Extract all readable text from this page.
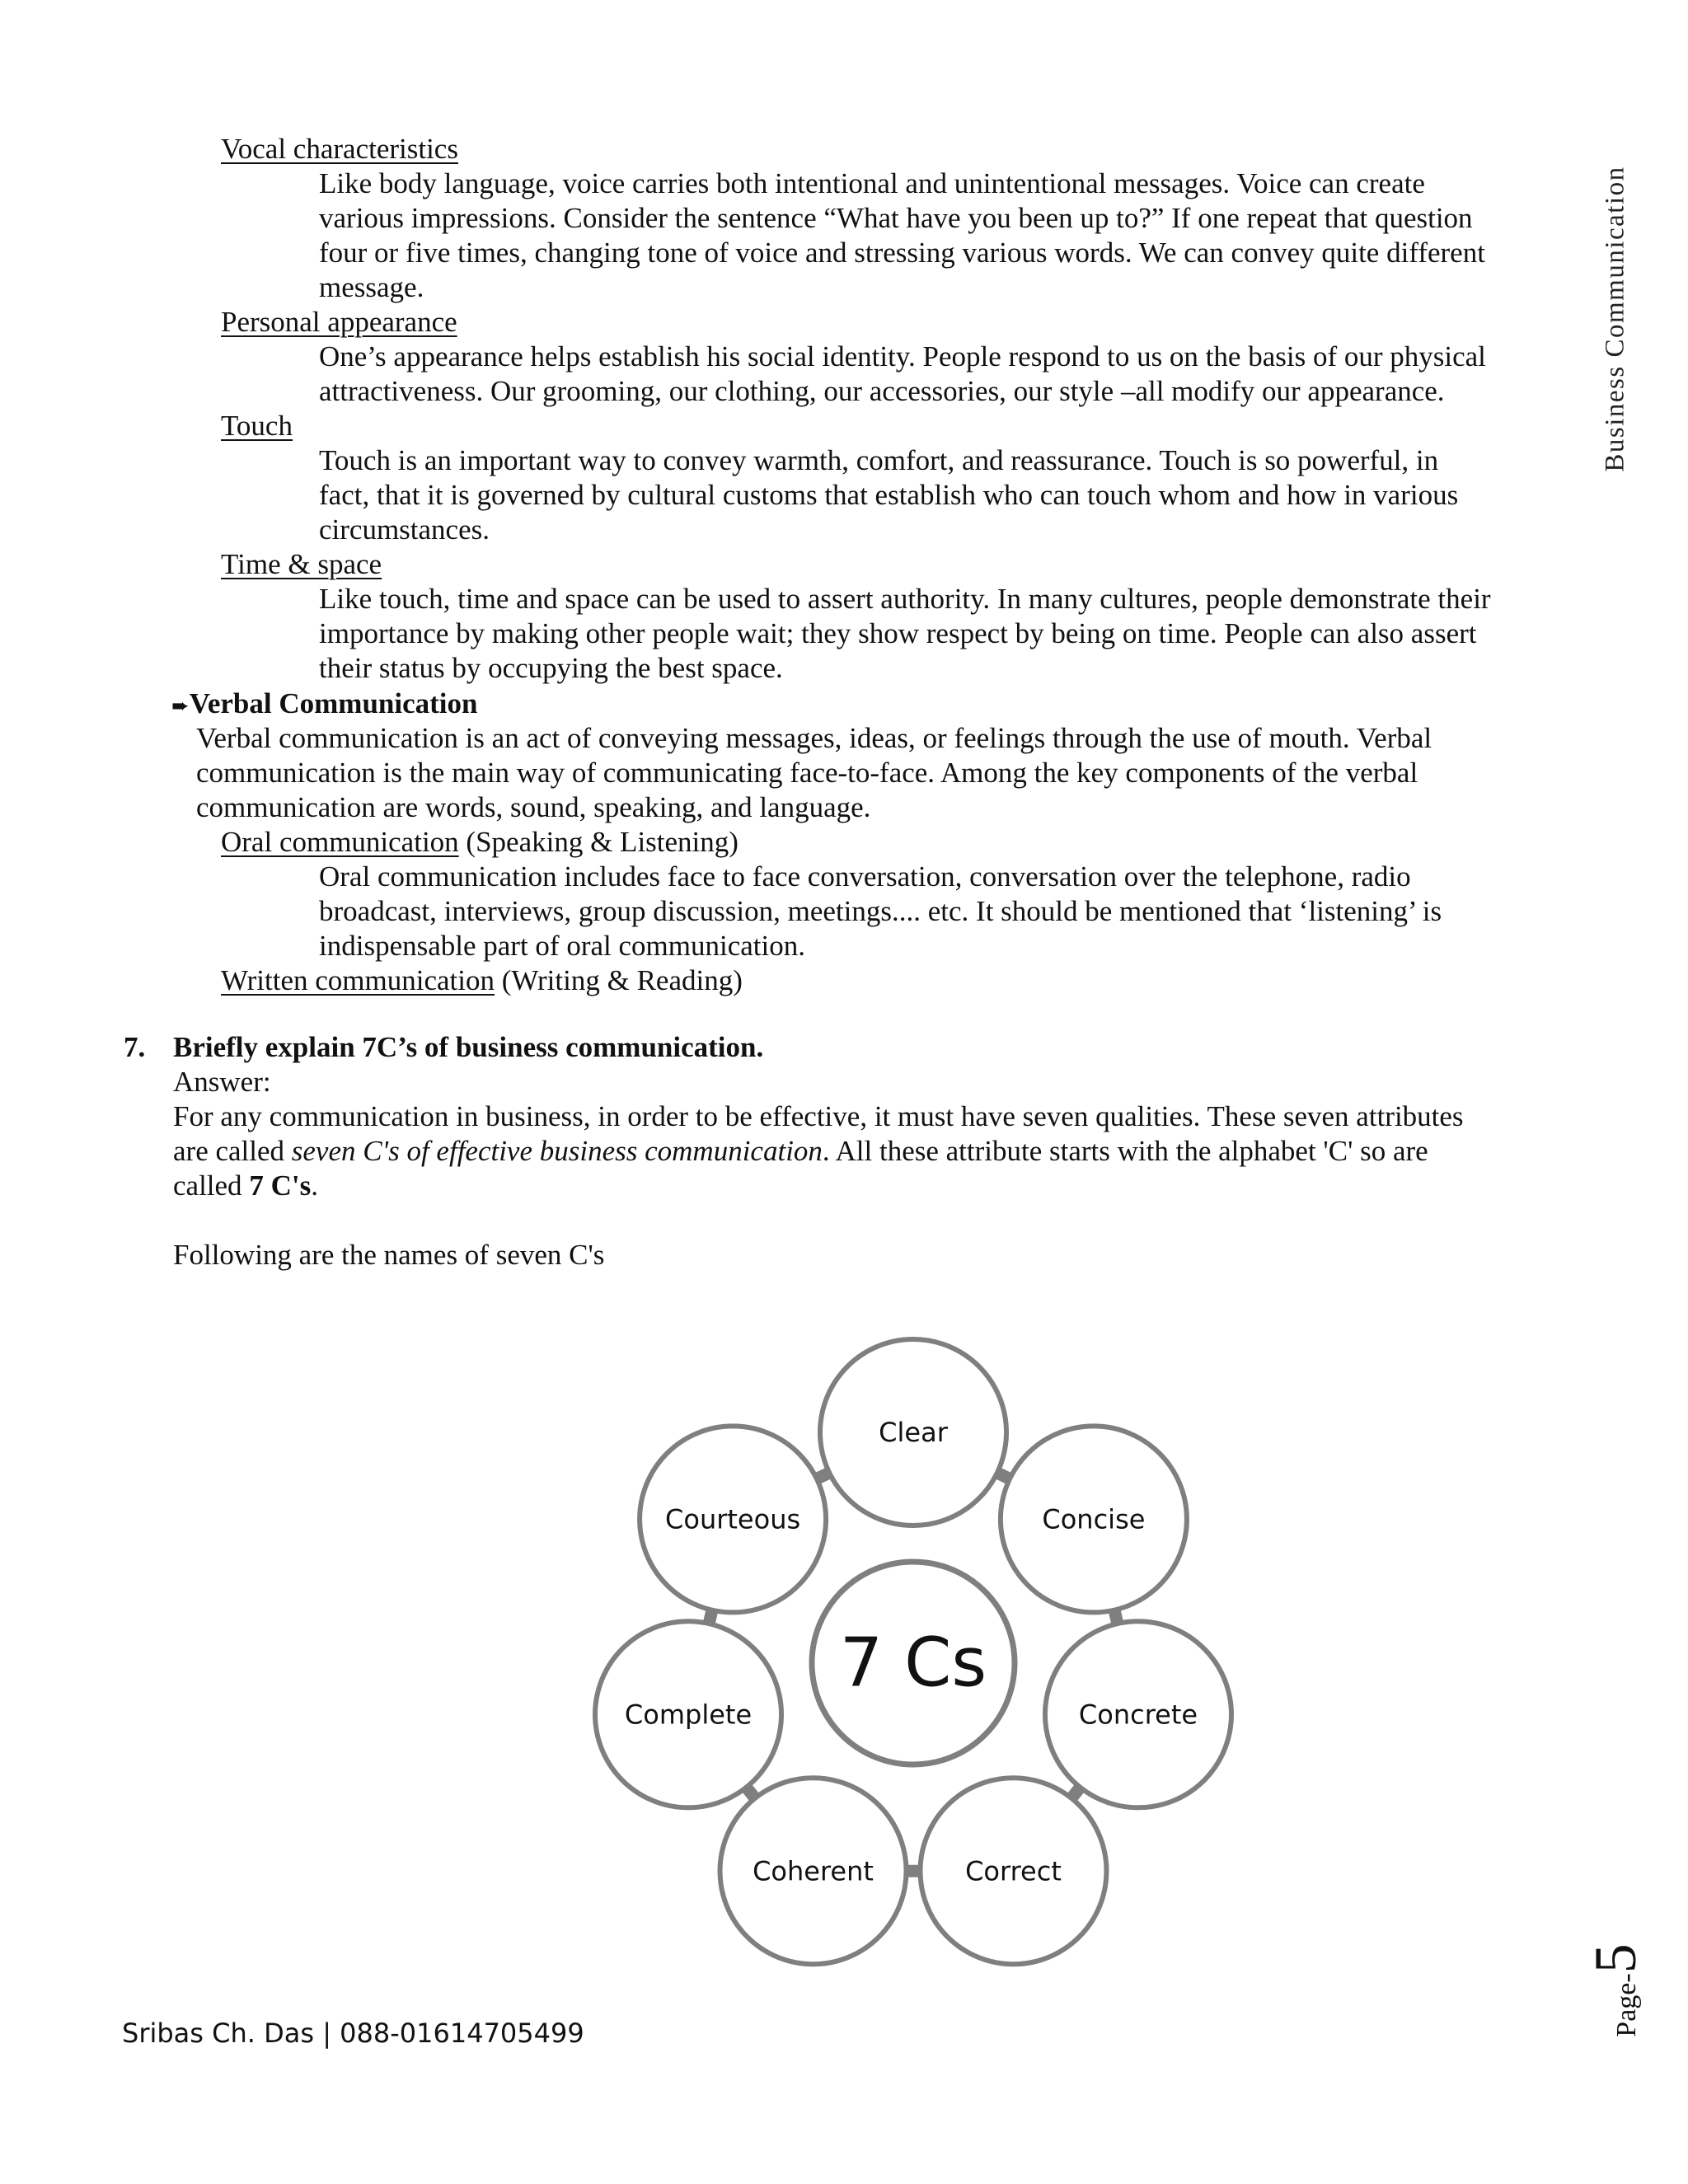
Business Communication
Vocal characteristics
Like body language, voice carries both intentional and unintentional messages. Voice can create
various impressions. Consider the sentence “What have you been up to?” If one repeat that question
four or five times, changing tone of voice and stressing various words. We can convey quite different
message.
Personal appearance
One’s appearance helps establish his social identity. People respond to us on the basis of our physical
attractiveness. Our grooming, our clothing, our accessories, our style –all modify our appearance.
Touch
Touch is an important way to convey warmth, comfort, and reassurance. Touch is so powerful, in
fact, that it is governed by cultural customs that establish who can touch whom and how in various
circumstances.
Time & space
Like touch, time and space can be used to assert authority. In many cultures, people demonstrate their
importance by making other people wait; they show respect by being on time. People can also assert
their status by occupying the best space.
➨Verbal Communication
Verbal communication is an act of conveying messages, ideas, or feelings through the use of mouth. Verbal
communication is the main way of communicating face-to-face. Among the key components of the verbal
communication are words, sound, speaking, and language.
Oral communication (Speaking & Listening)
Oral communication includes face to face conversation, conversation over the telephone, radio
broadcast, interviews, group discussion, meetings.... etc. It should be mentioned that ‘listening’ is
indispensable part of oral communication.
Written communication (Writing & Reading)
7. Briefly explain 7C’s of business communication.
Answer:
For any communication in business, in order to be effective, it must have seven qualities. These seven attributes
are called seven C's of effective business communication. All these attribute starts with the alphabet 'C' so are
called 7 C's.
Following are the names of seven C's
Clear
Concise
Concrete
Correct
Coherent
Complete
Courteous
7 Cs
Sribas Ch. Das | 088-01614705499	Page-
5
